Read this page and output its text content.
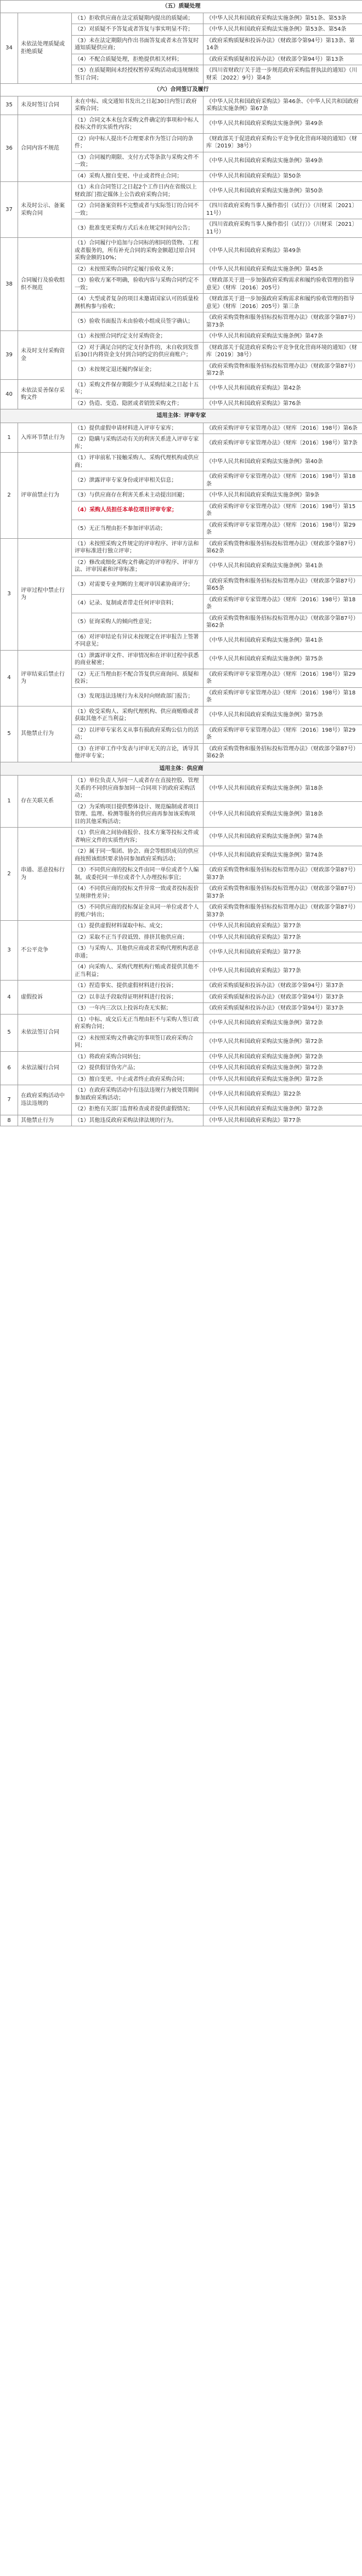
（五）质疑处理			
34	未依法处理质疑或拒绝质疑	（1）拒收供应商在法定质疑期内提出的质疑函；	《中华人民共和国政府采购法实施条例》第51条、第53条
		（2）对质疑不予答复或者答复与事实明显不符；	《中华人民共和国政府采购法实施条例》第53条、第54条
		（3）未在法定期限内作出书面答复或者未在答复时通知质疑供应商；	《政府采购质疑和投诉办法》（财政部令第94号）第13条、第14条
		（4）不配合质疑处理，拒绝提供相关材料；	《政府采购质疑和投诉办法》（财政部令第94号）第13条
		（5）在质疑期间未经授权暂停采购活动或违规继续签订合同；	《四川省财政厅关于进一步规范政府采购监督执法的通知》（川财采〔2022〕9号）第4条
（六）合同签订及履行			
35	未及时签订合同	未在中标、成交通知书发出之日起30日内签订政府采购合同；	《中华人民共和国政府采购法》第46条、《中华人民共和国政府采购法实施条例》第67条
36	合同内容不规范	（1）合同文本未包含采购文件确定的事项和中标人投标文件的实质性内容；	《中华人民共和国政府采购法实施条例》第49条
		（2）向中标人提出不合理要求作为签订合同的条件；	《财政部关于促进政府采购公平竞争优化营商环境的通知》（财库〔2019〕38号）
		（3）合同履约期限、支付方式等条款与采购文件不一致；	《中华人民共和国政府采购法实施条例》第49条
		（4）采购人擅自变更、中止或者终止合同；	《中华人民共和国政府采购法》第50条
37	未及时公示、备案采购合同	（1）未自合同签订之日起2个工作日内在省级以上财政部门指定媒体上公告政府采购合同；	《中华人民共和国政府采购法实施条例》第50条
		（2）合同备案资料不完整或者与实际签订的合同不一致；	《四川省政府采购当事人操作指引（试行）》（川财采〔2021〕11号）
		（3）批准变更采购方式后未在规定时间内公告；	《四川省政府采购当事人操作指引（试行）》（川财采〔2021〕11号）
38	合同履行及验收组织不规范	（1）合同履行中追加与合同标的相同的货物、工程或者服务的，所有补充合同的采购金额超过原合同采购金额的10%；	《中华人民共和国政府采购法》第49条
		（2）未按照采购合同约定履行验收义务；	《中华人民共和国政府采购法实施条例》第45条
		（3）验收方案不明确，验收内容与采购合同约定不一致；	《财政部关于进一步加强政府采购需求和履约验收管理的指导意见》（财库〔2016〕205号）
		（4）大型或者复杂的项目未邀请国家认可的质量检测机构参与验收；	《财政部关于进一步加强政府采购需求和履约验收管理的指导意见》（财库〔2016〕205号）第三条
		（5）验收书面报告未由验收小组成员签字确认；	《政府采购货物和服务招标投标管理办法》（财政部令第87号）第73条
39	未及时支付采购资金	（1）未按照合同约定支付采购资金；	《中华人民共和国政府采购法实施条例》第47条
		（2）对于满足合同约定支付条件的，未自收到发票后30日内将资金支付到合同约定的供应商账户；	《财政部关于促进政府采购公平竞争优化营商环境的通知》（财库〔2019〕38号）
		（3）未按规定退还履约保证金；	《政府采购货物和服务招标投标管理办法》（财政部令第87号）第72条
40	未依法妥善保存采购文件	（1）采购文件保存期限少于从采购结束之日起十五年；	《中华人民共和国政府采购法》第42条
		（2）伪造、变造、隐匿或者销毁采购文件；	《中华人民共和国政府采购法》第76条
适用主体：评审专家			
1	入库环节禁止行为	（1）提供虚假申请材料进入评审专家库；	《政府采购评审专家管理办法》（财库〔2016〕198号）第6条
		（2）隐瞒与采购活动有关的利害关系进入评审专家库；	《政府采购评审专家管理办法》（财库〔2016〕198号）第7条
2	评审前禁止行为	（1）评审前私下接触采购人、采购代理机构或供应商；	《中华人民共和国政府采购法实施条例》第40条
		（2）泄露评审专家身份或评审相关信息；	《政府采购评审专家管理办法》（财库〔2016〕198号）第18条
		（3）与供应商存在利害关系未主动提出回避；	《中华人民共和国政府采购法实施条例》第9条
		（4）采购人员担任本单位项目评审专家；	《政府采购评审专家管理办法》（财库〔2016〕198号）第15条
		（5）无正当理由拒不参加评审活动；	《政府采购评审专家管理办法》（财库〔2016〕198号）第29条
3	评审过程中禁止行为	（1）未按照采购文件规定的评审程序、评审方法和评审标准进行独立评审；	《政府采购货物和服务招标投标管理办法》（财政部令第87号）第62条
		（2）修改或细化采购文件确定的评审程序、评审方法、评审因素和评审标准；	《中华人民共和国政府采购法实施条例》第41条
		（3）对需要专业判断的主观评审因素协商评分；	《政府采购货物和服务招标投标管理办法》（财政部令第87号）第65条
		（4）记录、复制或者带走任何评审资料；	《政府采购评审专家管理办法》（财库〔2016〕198号）第18条
		（5）征询采购人的倾向性意见；	《政府采购货物和服务招标投标管理办法》（财政部令第87号）第62条
		（6）对评审结论有异议未按规定在评审报告上签署不同意见；	《中华人民共和国政府采购法实施条例》第41条
4	评审结束后禁止行为	（1）泄露评审文件、评审情况和在评审过程中获悉的商业秘密；	《中华人民共和国政府采购法实施条例》第75条
		（2）无正当理由拒不配合答复供应商询问、质疑和投诉；	《政府采购评审专家管理办法》（财库〔2016〕198号）第29条
		（3）发现违法违规行为未及时向财政部门报告；	《政府采购评审专家管理办法》（财库〔2016〕198号）第18条
5	其他禁止行为	（1）收受采购人、采购代理机构、供应商贿赂或者获取其他不正当利益；	《中华人民共和国政府采购法实施条例》第75条
		（2）以评审专家名义从事有损政府采购公信力的活动；	《政府采购评审专家管理办法》（财库〔2016〕198号）第29条
		（3）在评审工作中发表与评审无关的言论，诱导其他评审专家；	《政府采购货物和服务招标投标管理办法》（财政部令第87号）第62条
适用主体：供应商			
1	存在关联关系	（1）单位负责人为同一人或者存在直接控股、管理关系的不同供应商参加同一合同项下的政府采购活动；	《中华人民共和国政府采购法实施条例》第18条
		（2）为采购项目提供整体设计、规范编制或者项目管理、监理、检测等服务的供应商再参加该采购项目的其他采购活动；	《中华人民共和国政府采购法实施条例》第18条
2	串通、恶意投标行为	（1）供应商之间协商报价、技术方案等投标文件或者响应文件的实质性内容；	《中华人民共和国政府采购法实施条例》第74条
		（2）属于同一集团、协会、商会等组织成员的供应商按照该组织要求协同参加政府采购活动；	《中华人民共和国政府采购法实施条例》第74条
		（3）不同供应商的投标文件由同一单位或者个人编制，或委托同一单位或者个人办理投标事宜；	《政府采购货物和服务招标投标管理办法》（财政部令第87号）第37条
		（4）不同供应商的投标文件异常一致或者投标报价呈规律性差异；	《政府采购货物和服务招标投标管理办法》（财政部令第87号）第37条
		（5）不同供应商的投标保证金从同一单位或者个人的账户转出；	《政府采购货物和服务招标投标管理办法》（财政部令第87号）第37条
3	不公平竞争	（1）提供虚假材料谋取中标、成交；	《中华人民共和国政府采购法》第77条
		（2）采取不正当手段诋毁、排挤其他供应商；	《中华人民共和国政府采购法》第77条
		（3）与采购人、其他供应商或者采购代理机构恶意串通；	《中华人民共和国政府采购法》第77条
		（4）向采购人、采购代理机构行贿或者提供其他不正当利益；	《中华人民共和国政府采购法》第77条
4	虚假投诉	（1）捏造事实、提供虚假材料进行投诉；	《政府采购质疑和投诉办法》（财政部令第94号）第37条
		（2）以非法手段取得证明材料进行投诉；	《政府采购质疑和投诉办法》（财政部令第94号）第37条
		（3）一年内三次以上投诉均查无实据；	《政府采购质疑和投诉办法》（财政部令第94号）第37条
5	未依法签订合同	（1）中标、成交后无正当理由拒不与采购人签订政府采购合同；	《中华人民共和国政府采购法实施条例》第72条
		（2）未按照采购文件确定的事项签订政府采购合同；	《中华人民共和国政府采购法实施条例》第72条
6	未依法履行合同	（1）将政府采购合同转包；	《中华人民共和国政府采购法实施条例》第72条
		（2）提供假冒伪劣产品；	《中华人民共和国政府采购法实施条例》第72条
		（3）擅自变更、中止或者终止政府采购合同；	《中华人民共和国政府采购法实施条例》第72条
7	在政府采购活动中违法违规的	（1）在政府采购活动中有违法违规行为被处罚期间参加政府采购活动；	《中华人民共和国政府采购法》第22条
		（2）拒绝有关部门监督检查或者提供虚假情况；	《中华人民共和国政府采购法实施条例》第72条
8	其他禁止行为	（1）其他违反政府采购法律法规的行为。	《中华人民共和国政府采购法》第77条
